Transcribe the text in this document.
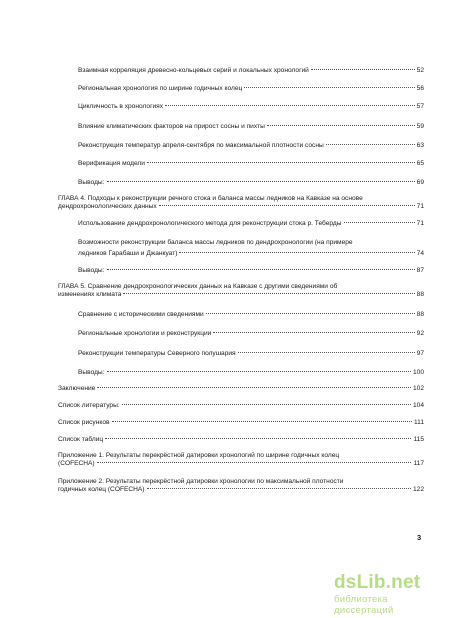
Взаимная корреляция древесно-кольцевых серий и локальных хронологий	52
Региональная хронология по ширине годичных колец	56
Цикличность в хронологиях	57
Влияние климатических факторов на прирост сосны и пихты	59
Реконструкция температур апреля-сентября по максимальной плотности сосны	63
Верификация модели	65
Выводы:	69
ГЛАВА 4. Подходы к реконструкции речного стока и баланса массы ледников на Кавказе на основе
дендрохронологических данных	71
Использование дендрохронологического метода для реконструкции стока р. Теберды	71
Возможности реконструкции баланса массы ледников по дендрохронологии (на примере
ледников Гарабаши и Джанкуат)	74
Выводы:	87
ГЛАВА 5. Сравнение дендрохронологических данных на Кавказе с другими сведениями об
изменениях климата	88
Сравнение с историческими сведениями	88
Региональные хронологии и реконструкции	92
Реконструкции температуры Северного полушария	97
Выводы:	100
Заключение	102
Список литературы:	104
Список рисунков	111
Список таблиц	115
Приложение 1. Результаты перекрёстной датировки хронологий по ширине годичных колец
(COFECHA)	117
Приложение 2. Результаты перекрёстной датировки хронологии по максимальной плотности
годичных колец (COFECHA)	122
3
dsLib.net
библиотека диссертаций
